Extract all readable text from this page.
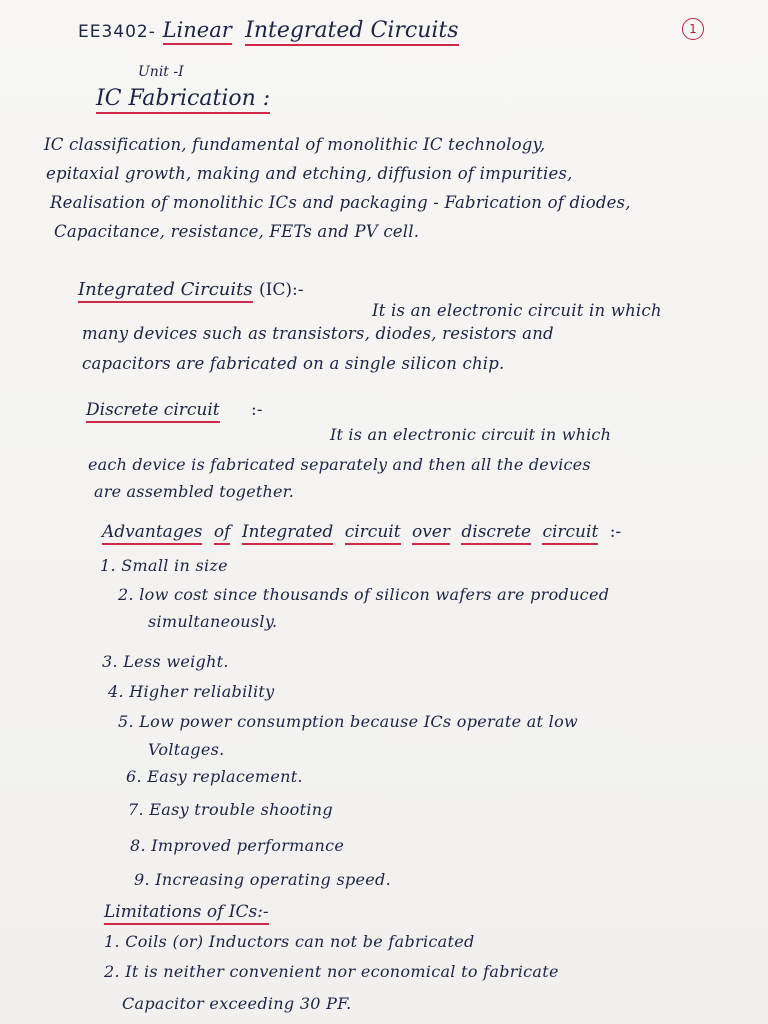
EE3402- Linear Integrated Circuits	1
Unit -I
IC Fabrication :
IC classification, fundamental of monolithic IC technology,
epitaxial growth, making and etching, diffusion of impurities,
Realisation of monolithic ICs and packaging - Fabrication of diodes,
Capacitance, resistance, FETs and PV cell.
Integrated Circuits (IC):-
It is an electronic circuit in which
many devices such as transistors, diodes, resistors and
capacitors are fabricated on a single silicon chip.
Discrete circuit :-
It is an electronic circuit in which
each device is fabricated separately and then all the devices
are assembled together.
Advantages of Integrated circuit over discrete circuit :-
1. Small in size
2. low cost since thousands of silicon wafers are produced
simultaneously.
3. Less weight.
4. Higher reliability
5. Low power consumption because ICs operate at low
Voltages.
6. Easy replacement.
7. Easy trouble shooting
8. Improved performance
9. Increasing operating speed.
Limitations of ICs:-
1. Coils (or) Inductors can not be fabricated
2. It is neither convenient nor economical to fabricate
Capacitor exceeding 30 PF.
